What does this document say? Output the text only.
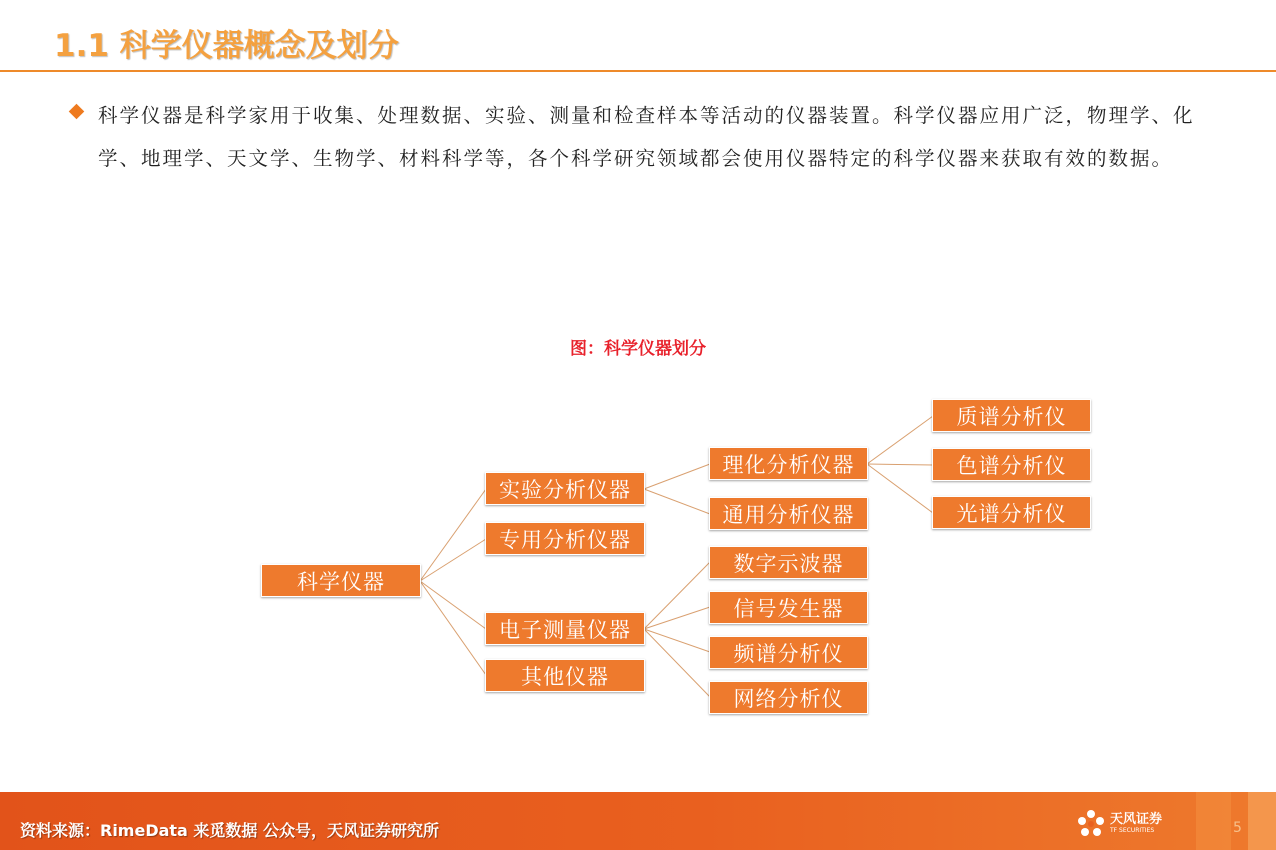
1.1 科学仪器概念及划分
科学仪器是科学家用于收集、处理数据、实验、测量和检查样本等活动的仪器装置。科学仪器应用广泛，物理学、化学、地理学、天文学、生物学、材料科学等，各个科学研究领域都会使用仪器特定的科学仪器来获取有效的数据。
图：科学仪器划分
科学仪器
实验分析仪器
专用分析仪器
电子测量仪器
其他仪器
理化分析仪器
通用分析仪器
质谱分析仪
色谱分析仪
光谱分析仪
数字示波器
信号发生器
频谱分析仪
网络分析仪
资料来源：RimeData 来觅数据 公众号，天风证券研究所
天风证券
TF SECURITIES	5
